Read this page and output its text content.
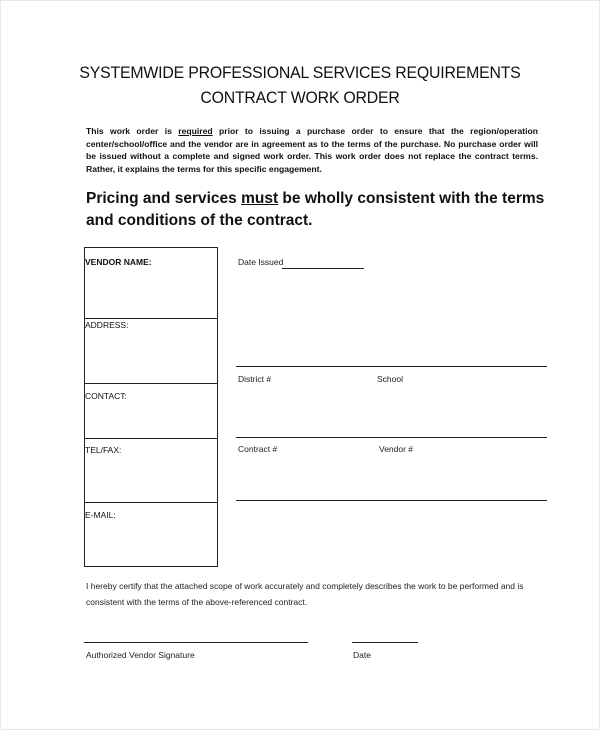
SYSTEMWIDE PROFESSIONAL SERVICES REQUIREMENTS
CONTRACT WORK ORDER
This work order is required prior to issuing a purchase order to ensure that the region/operation center/school/office and the vendor are in agreement as to the terms of the purchase. No purchase order will be issued without a complete and signed work order. This work order does not replace the contract terms. Rather, it explains the terms for this specific engagement.
Pricing and services must be wholly consistent with the terms and conditions of the contract.
VENDOR NAME:
ADDRESS:
CONTACT:
TEL/FAX:
E-MAIL:
Date Issued
District #	School
Contract #	Vendor #
I hereby certify that the attached scope of work accurately and completely describes the work to be performed and is consistent with the terms of the above-referenced contract.
Authorized Vendor Signature	Date
